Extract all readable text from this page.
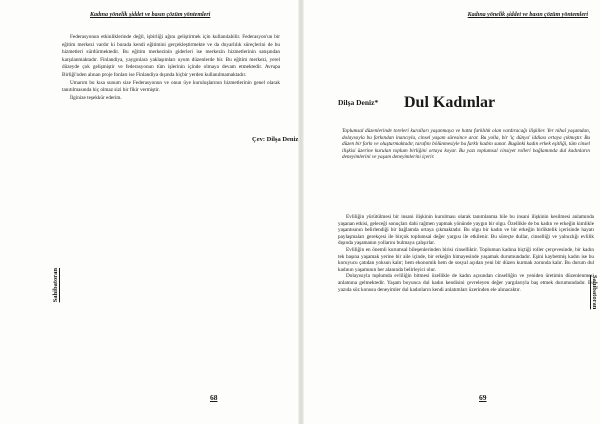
Kadına yönelik şiddet ve basın çözüm yöntemleri
Sahibatoran

Federasyonun etkinliklerinde değil, işbirliği ağını geliştirmek için kullanılabilir. Federasyon'un bir eğitim merkezi vardır ki burada kendi eğitimini gerçekleştirmekte ve da duyarlılık süreçlerini de bu hizmetleri sürdürmektedir. Bu eğitim merkezinin giderleri ise merkezin hizmetlerinin satışından karşılanmaktadır. Finlandiya, yaygınlara yaklaşımları uyum düzenlerde bir. Bu eğitim merkezi, yerel düzeyde çok gelişmiştir ve federasyonun tüm işlerinin içinde olmaya devam etmektedir. Avrupa Birliği'nden alınan proje fonları ise Finlandiya dışında hiçbir yerden kullanılmamaktadır.

Umarım bu kısa sunum size Federasyonun ve onun üye kuruluşlarının hizmetlerinin genel olarak tanıtılmasında hiç olmaz sizi bir fikir vermiştir.

İlginize teşekkür ederim.

Çev: Dilşa Deniz
68
Kadına yönelik şiddet ve basın çözüm yöntemleri
Sahibatoran
Dilşa Deniz* Dul Kadınlar

Toplumsal düzenlerinde toreleri kuralları yaşanmaya ve hatta farklılık olan vardıracağı ilişkiler. Yer nihaî yaşamdan, dolayısıyla bu farkından inancıyla, cinsel yaşam süresince arar. Bu yolla, bir 'iç dünya' iddiası ortaya çıkmıştır. Bu düzen bir farkı ve oluşturmaktadır, tarafını bölünmesiyle bu farklı kadını sunar. Bugünki kadın erkek eşitliği, tüm cinsel ilişkisi üzerine kurulan toplum birliğini ortaya koyar. Bu yazı toplumsal cinsiyet rolleri bağlamında dul kadınların deneyimlerini ve yaşam deneyimlerini içerir.

Evliliğin yürütülmesi bir insani ilişkinin kurulması olarak tanımlanma bile bu insani ilişkinin kesilmesi anlamında yaşanan etkisi, geleceği sonuçları dahi rağmen yapmak yönünde yaygın bir olgu. Özellikle de bu kadın ve erkeğin kimlikle yaşantısının belirlendiği bir bağlamda ortaya çıkmaktadır. Bu olgu bir kadın ve bir erkeğin birliktelik içerisinde hayatı paylaşmaları gerekçesi ile birçok toplumsal değer yargısı ile etkilenir. Bu süreçte dullar, cinselliği ve yalnızlığı evlilik dışında yaşamanın yollarını bulmaya çalışırlar.

Evliliğin en önemli kurumsal bileşenlerinden birisi cinselliktir. Toplumun kadına biçtiği roller çerçevesinde, bir kadın tek başına yaşamak yerine bir aile içinde, bir erkeğin himayesinde yaşamak durumundadır. Eşini kaybetmiş kadın ise bu koruyucu çatıdan yoksun kalır; hem ekonomik hem de sosyal açıdan yeni bir düzen kurmak zorunda kalır. Bu durum dul kadının yaşamının her alanında belirleyici olur.

Dolayısıyla toplumda evliliğin bitmesi özellikle de kadın açısından cinselliğin ve yeniden üretimin düzenlenmesi anlamına gelmektedir. Yaşam boyunca dul kadın kendisini çevreleyen değer yargılarıyla baş etmek durumundadır. Bu yazıda söz konusu deneyimler dul kadınların kendi anlatımları üzerinden ele alınacaktır.

69
